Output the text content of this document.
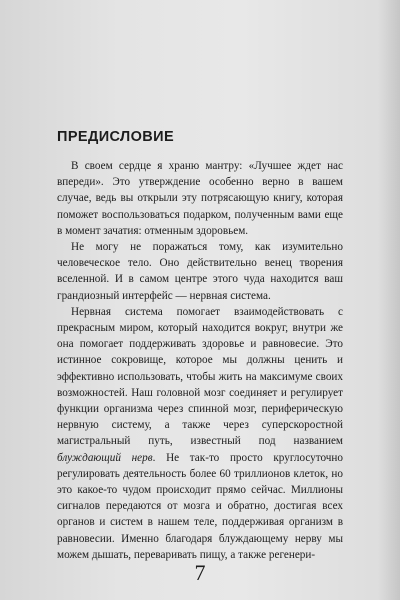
ПРЕДИСЛОВИЕ

В своем сердце я храню мантру: «Лучшее ждет нас впереди». Это утверждение особенно верно в вашем случае, ведь вы открыли эту потрясающую книгу, которая поможет воспользоваться подарком, полученным вами еще в момент зачатия: отменным здоровьем.

Не могу не поражаться тому, как изумительно человеческое тело. Оно действительно венец творения вселенной. И в самом центре этого чуда находится ваш грандиозный интерфейс — нервная система.

Нервная система помогает взаимодействовать с прекрасным миром, который находится вокруг, внутри же она помогает поддерживать здоровье и равновесие. Это истинное сокровище, которое мы должны ценить и эффективно использовать, чтобы жить на максимуме своих возможностей. Наш головной мозг соединяет и регулирует функции организма через спинной мозг, периферическую нервную систему, а также через суперскоростной магистральный путь, известный под названием блуждающий нерв. Не так-то просто круглосуточно регулировать деятельность более 60 триллионов клеток, но это какое-то чудом происходит прямо сейчас. Миллионы сигналов передаются от мозга и обратно, достигая всех органов и систем в нашем теле, поддерживая организм в равновесии. Именно благодаря блуждающему нерву мы можем дышать, переваривать пищу, а также регенери-

7
